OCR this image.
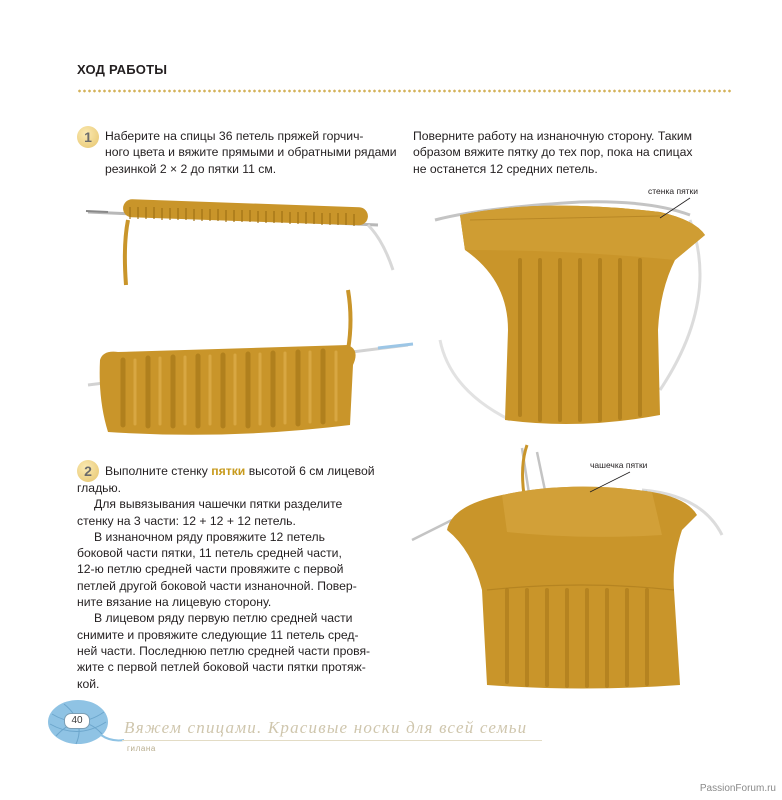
ХОД РАБОТЫ
1	Наберите на спицы 36 петель пряжей горчич-

ного цвета и вяжите прямыми и обратными рядами

резинкой 2 × 2 до пятки 11 см.

Поверните работу на изнаночную сторону. Таким

образом вяжите пятку до тех пор, пока на спицах

не останется 12 средних петель.

стенка пятки
2	Выполните стенку пятки высотой 6 см лицевой

гладью.

Для вывязывания чашечки пятки разделите

стенку на 3 части: 12 + 12 + 12 петель.

В изнаночном ряду провяжите 12 петель

боковой части пятки, 11 петель средней части,

12-ю петлю средней части провяжите с первой

петлей другой боковой части изнаночной. Повер-

ните вязание на лицевую сторону.

В лицевом ряду первую петлю средней части

снимите и провяжите следующие 11 петель сред-

ней части. Последнюю петлю средней части провя-

жите с первой петлей боковой части пятки протяж-

кой.

чашечка пятки
40	Вяжем спицами. Красивые носки для всей семьи
гилана
PassionForum.ru
